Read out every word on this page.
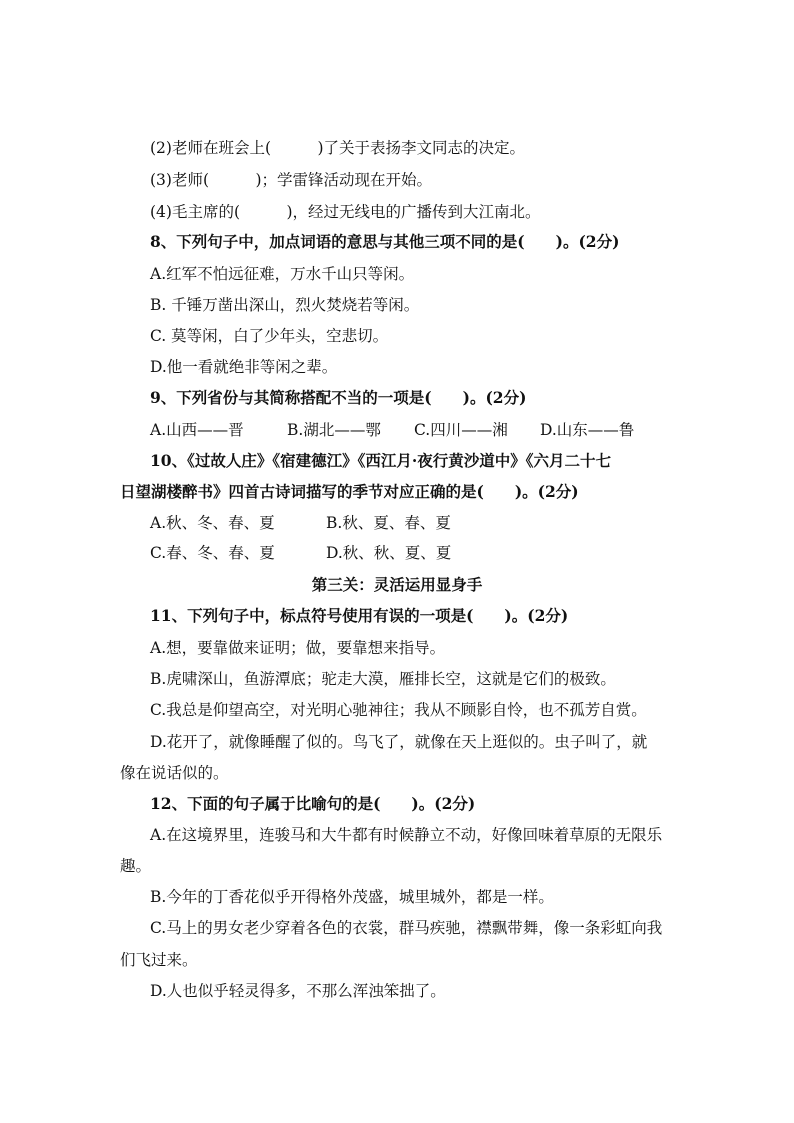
(2)老师在班会上(　　　)了关于表扬李文同志的决定。
(3)老师(　　　)；学雷锋活动现在开始。
(4)毛主席的(　　　)，经过无线电的广播传到大江南北。
8、下列句子中，加点词语的意思与其他三项不同的是(　　)。(2分)
A.红军不怕远征难，万水千山只等闲。
B. 千锤万凿出深山，烈火焚烧若等闲。
C. 莫等闲，白了少年头，空悲切。
D.他一看就绝非等闲之辈。
9、下列省份与其简称搭配不当的一项是(　　)。(2分)
A.山西——晋	B.湖北——鄂 C.四川——湘 D.山东——鲁
10、《过故人庄》《宿建德江》《西江月·夜行黄沙道中》《六月二十七
日望湖楼醉书》四首古诗词描写的季节对应正确的是(　　)。(2分)
A.秋、冬、春、夏	B.秋、夏、春、夏
C.春、冬、春、夏	D.秋、秋、夏、夏
第三关：灵活运用显身手
11、下列句子中，标点符号使用有误的一项是(　　)。(2分)
A.想，要靠做来证明；做，要靠想来指导。
B.虎啸深山，鱼游潭底；驼走大漠，雁排长空，这就是它们的极致。
C.我总是仰望高空，对光明心驰神往；我从不顾影自怜，也不孤芳自赏。
D.花开了，就像睡醒了似的。鸟飞了，就像在天上逛似的。虫子叫了，就
像在说话似的。
12、下面的句子属于比喻句的是(　　)。(2分)
A.在这境界里，连骏马和大牛都有时候静立不动，好像回味着草原的无限乐
趣。
B.今年的丁香花似乎开得格外茂盛，城里城外，都是一样。
C.马上的男女老少穿着各色的衣裳，群马疾驰，襟飘带舞，像一条彩虹向我
们飞过来。
D.人也似乎轻灵得多，不那么浑浊笨拙了。
